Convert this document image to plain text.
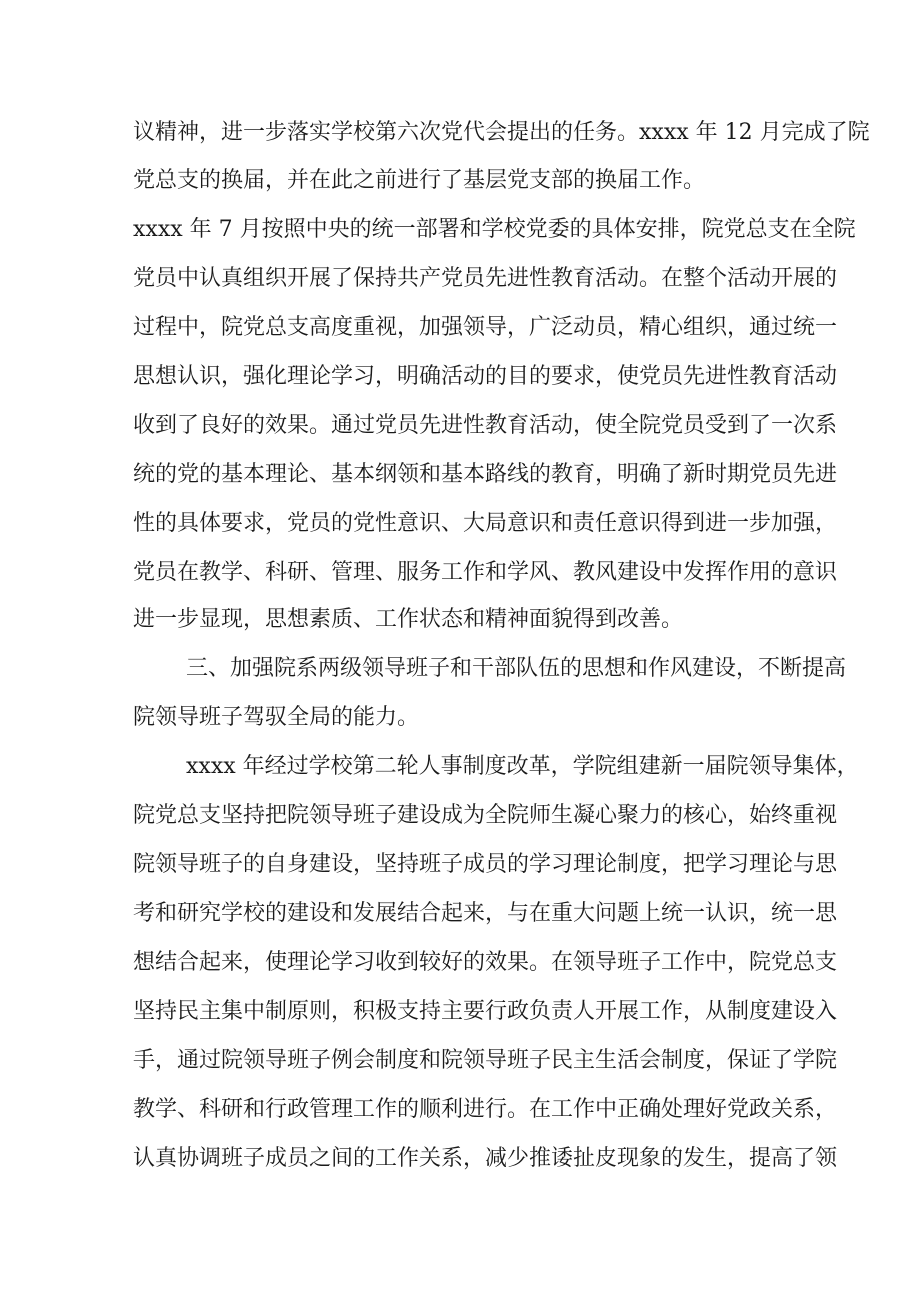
议精神，进一步落实学校第六次党代会提出的任务。xxxx 年 12 月完成了院
党总支的换届，并在此之前进行了基层党支部的换届工作。
xxxx 年 7 月按照中央的统一部署和学校党委的具体安排，院党总支在全院
党员中认真组织开展了保持共产党员先进性教育活动。在整个活动开展的
过程中，院党总支高度重视，加强领导，广泛动员，精心组织，通过统一
思想认识，强化理论学习，明确活动的目的要求，使党员先进性教育活动
收到了良好的效果。通过党员先进性教育活动，使全院党员受到了一次系
统的党的基本理论、基本纲领和基本路线的教育，明确了新时期党员先进
性的具体要求，党员的党性意识、大局意识和责任意识得到进一步加强，
党员在教学、科研、管理、服务工作和学风、教风建设中发挥作用的意识
进一步显现，思想素质、工作状态和精神面貌得到改善。
三、加强院系两级领导班子和干部队伍的思想和作风建设，不断提高
院领导班子驾驭全局的能力。
xxxx 年经过学校第二轮人事制度改革，学院组建新一届院领导集体，
院党总支坚持把院领导班子建设成为全院师生凝心聚力的核心，始终重视
院领导班子的自身建设，坚持班子成员的学习理论制度，把学习理论与思
考和研究学校的建设和发展结合起来，与在重大问题上统一认识，统一思
想结合起来，使理论学习收到较好的效果。在领导班子工作中，院党总支
坚持民主集中制原则，积极支持主要行政负责人开展工作，从制度建设入
手，通过院领导班子例会制度和院领导班子民主生活会制度，保证了学院
教学、科研和行政管理工作的顺利进行。在工作中正确处理好党政关系，
认真协调班子成员之间的工作关系，减少推诿扯皮现象的发生，提高了领
